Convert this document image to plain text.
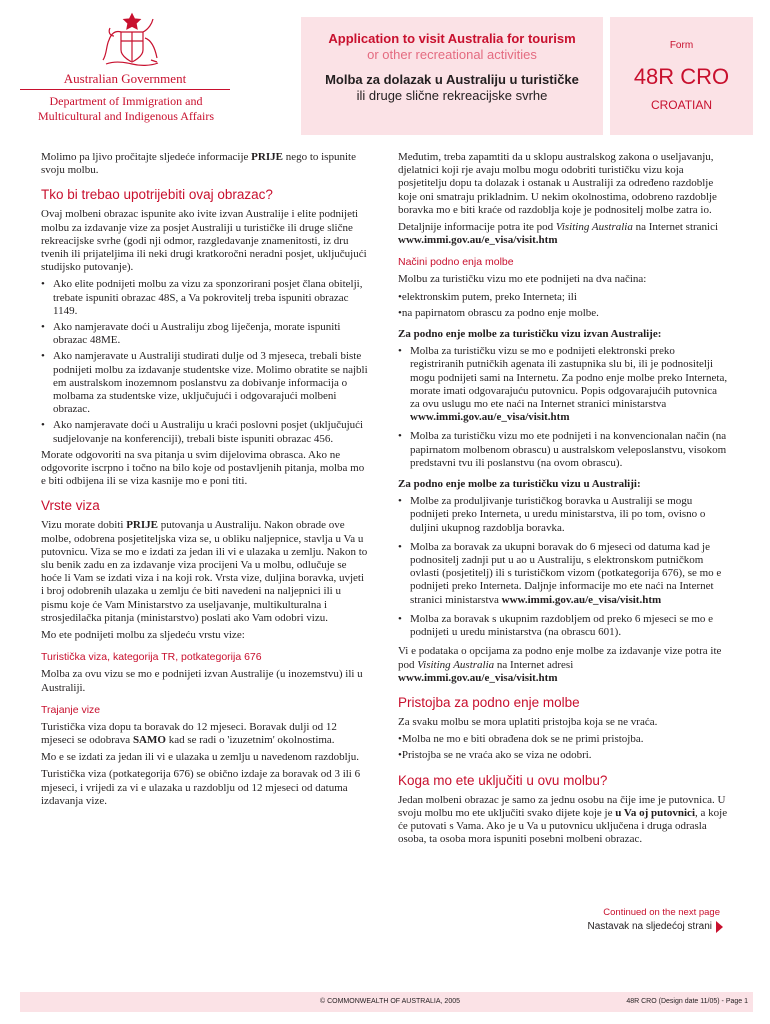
Australian Government
Department of Immigration and
Multicultural and Indigenous Affairs
Application to visit Australia for tourism
or other recreational activities
Molba za dolazak u Australiju u turističke
ili druge slične rekreacijske svrhe
Form
48R CRO
CROATIAN

Molimo pa ljivo pročitajte sljedeće informacije PRIJE nego to ispunite svoju molbu.

Tko bi trebao upotrijebiti ovaj obrazac?

Ovaj molbeni obrazac ispunite ako ivite izvan Australije i elite podnijeti molbu za izdavanje vize za posjet Australiji u turističke ili druge slične rekreacijske svrhe (godi nji odmor, razgledavanje znamenitosti, iz dru tvenih ili prijateljima ili neki drugi kratkoročni neradni posjet, uključujući studijsko putovanje).

• Ako elite podnijeti molbu za vizu za sponzorirani posjet člana obitelji, trebate ispuniti obrazac 48S, a Va pokrovitelj treba ispuniti obrazac 1149.
• Ako namjeravate doći u Australiju zbog liječenja, morate ispuniti obrazac 48ME.
• Ako namjeravate u Australiji studirati dulje od 3 mjeseca, trebali biste podnijeti molbu za izdavanje studentske vize. Molimo obratite se najbli em australskom inozemnom poslanstvu za dobivanje informacija o molbama za studentske vize, uključujući i odgovarajući molbeni obrazac.
• Ako namjeravate doći u Australiju u kraći poslovni posjet (uključujući sudjelovanje na konferenciji), trebali biste ispuniti obrazac 456.

Morate odgovoriti na sva pitanja u svim dijelovima obrasca. Ako ne odgovorite iscrpno i točno na bilo koje od postavljenih pitanja, molba mo e biti odbijena ili se viza kasnije mo e poni titi.

Vrste viza

Vizu morate dobiti PRIJE putovanja u Australiju. Nakon obrade ove molbe, odobrena posjetiteljska viza se, u obliku naljepnice, stavlja u Va u putovnicu. Viza se mo e izdati za jedan ili vi e ulazaka u zemlju. Nakon to slu benik zadu en za izdavanje viza procijeni Va u molbu, odlučuje se hoće li Vam se izdati viza i na koji rok. Vrsta vize, duljina boravka, uvjeti i broj odobrenih ulazaka u zemlju će biti navedeni na naljepnici ili u pismu koje će Vam Ministarstvo za useljavanje, multikulturalna i strosjedilačka pitanja (ministarstvo) poslati ako Vam odobri vizu.

Mo ete podnijeti molbu za sljedeću vrstu vize:

Turistička viza, kategorija TR, potkategorija 676

Molba za ovu vizu se mo e podnijeti izvan Australije (u inozemstvu) ili u Australiji.

Trajanje vize

Turistička viza dopu ta boravak do 12 mjeseci. Boravak dulji od 12 mjeseci se odobrava SAMO kad se radi o 'izuzetnim' okolnostima.

Mo e se izdati za jedan ili vi e ulazaka u zemlju u navedenom razdoblju.

Turistička viza (potkategorija 676) se obično izdaje za boravak od 3 ili 6 mjeseci, i vrijedi za vi e ulazaka u razdoblju od 12 mjeseci od datuma izdavanja vize.

Međutim, treba zapamtiti da u sklopu australskog zakona o useljavanju, djelatnici koji rje avaju molbu mogu odobriti turističku vizu koja posjetitelju dopu ta dolazak i ostanak u Australiji za određeno razdoblje koje oni smatraju prikladnim. U nekim okolnostima, odobreno razdoblje boravka mo e biti kraće od razdoblja koje je podnositelj molbe zatra io.

Detaljnije informacije potra ite pod Visiting Australia na Internet stranici www.immi.gov.au/e_visa/visit.htm

Načini podno enja molbe

Molbu za turističku vizu mo ete podnijeti na dva načina:

• elektronskim putem, preko Interneta; ili
• na papirnatom obrascu za podno enje molbe.
Za podno enje molbe za turističku vizu izvan Australije:
• Molba za turističku vizu se mo e podnijeti elektronski preko registriranih putničkih agenata ili zastupnika slu bi, ili je podnositelji mogu podnijeti sami na Internetu. Za podno enje molbe preko Interneta, morate imati odgovarajuću putovnicu. Popis odgovarajućih putovnica za ovu uslugu mo ete naći na Internet stranici ministarstva www.immi.gov.au/e_visa/visit.htm
• Molba za turističku vizu mo ete podnijeti i na konvencionalan način (na papirnatom molbenom obrascu) u australskom veleposlanstvu, visokom predstavni tvu ili poslanstvu (na ovom obrascu).
Za podno enje molbe za turističku vizu u Australiji:
• Molbe za produljivanje turističkog boravka u Australiji se mogu podnijeti preko Interneta, u uredu ministarstva, ili po tom, ovisno o duljini ukupnog razdoblja boravka.
• Molba za boravak za ukupni boravak do 6 mjeseci od datuma kad je podnositelj zadnji put u ao u Australiju, s elektronskom putničkom ovlasti (posjetitelj) ili s turističkom vizom (potkategorija 676), se mo e podnijeti preko Interneta. Daljnje informacije mo ete naći na Internet stranici ministarstva www.immi.gov.au/e_visa/visit.htm
• Molba za boravak s ukupnim razdobljem od preko 6 mjeseci se mo e podnijeti u uredu ministarstva (na obrascu 601).

Vi e podataka o opcijama za podno enje molbe za izdavanje vize potra ite pod Visiting Australia na Internet adresi www.immi.gov.au/e_visa/visit.htm

Pristojba za podno enje molbe

Za svaku molbu se mora uplatiti pristojba koja se ne vraća.

• Molba ne mo e biti obrađena dok se ne primi pristojba.
• Pristojba se ne vraća ako se viza ne odobri.
Koga mo ete uključiti u ovu molbu?

Jedan molbeni obrazac je samo za jednu osobu na čije ime je putovnica. U svoju molbu mo ete uključiti svako dijete koje je u Va oj putovnici, a koje će putovati s Vama. Ako je u Va u putovnicu uključena i druga odrasla osoba, ta osoba mora ispuniti posebni molbeni obrazac.

Continued on the next page
Nastavak na sljedećoj strani
© COMMONWEALTH OF AUSTRALIA, 2005	48R CRO (Design date 11/05) - Page 1
